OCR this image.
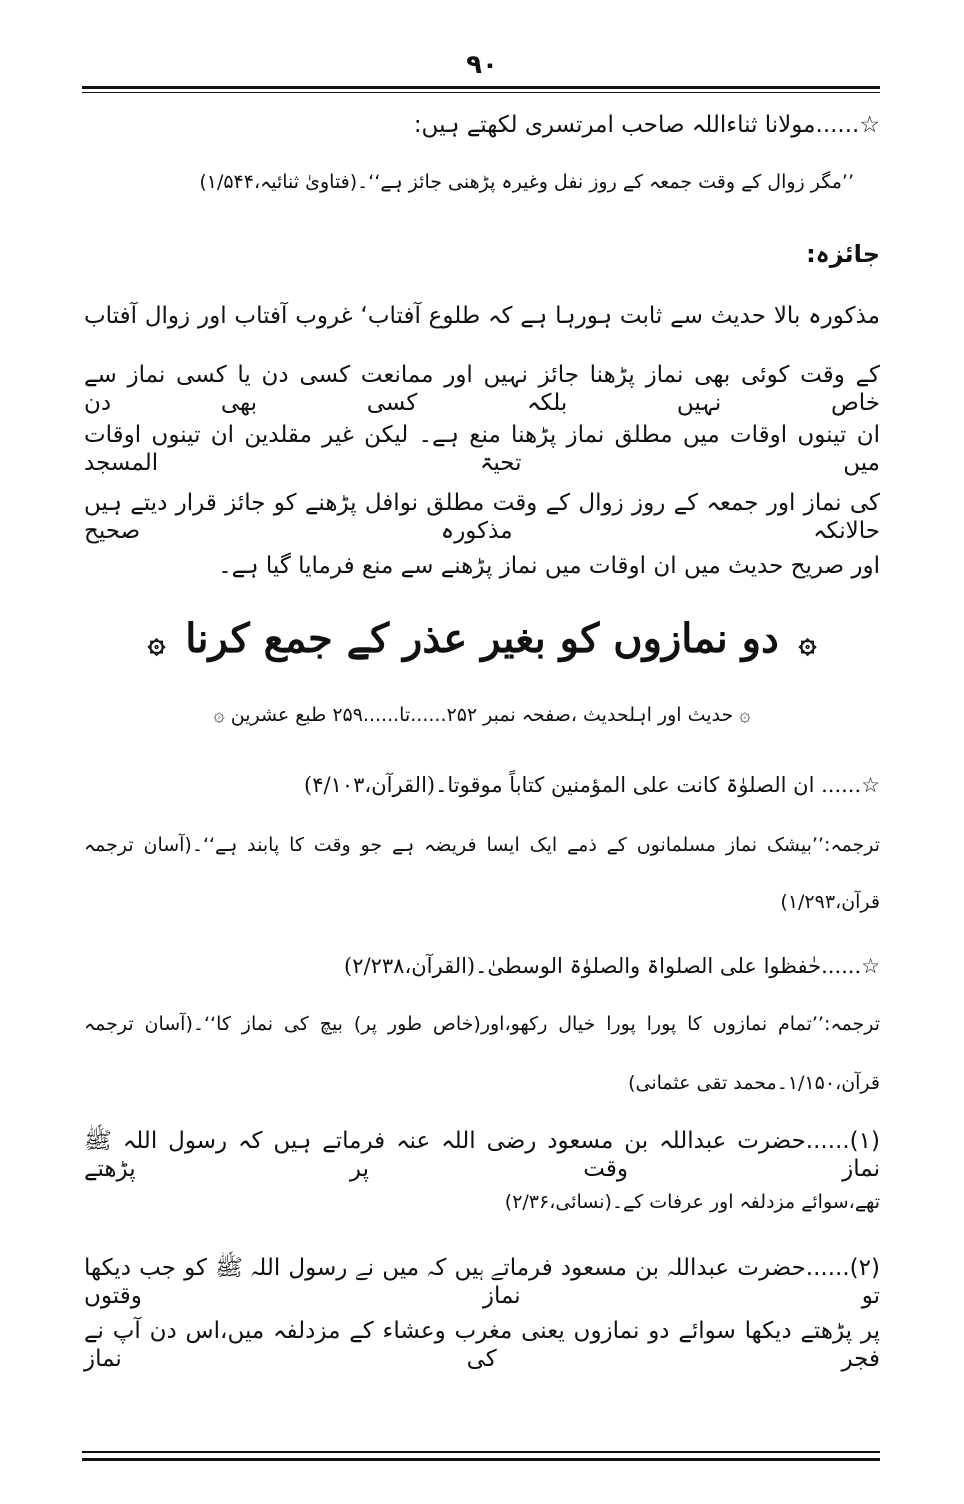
۹۰
☆......مولانا ثناءاللہ صاحب امرتسری لکھتے ہیں:
’’مگر زوال کے وقت جمعہ کے روز نفل وغیرہ پڑھنی جائز ہے‘‘۔(فتاویٰ ثنائیہ،۱/۵۴۴)
جائزہ:
مذکورہ بالا حدیث سے ثابت ہورہا ہے کہ طلوع آفتاب‘ غروب آفتاب اور زوال آفتاب
کے وقت کوئی بھی نماز پڑھنا جائز نہیں اور ممانعت کسی دن یا کسی نماز سے خاص نہیں بلکہ کسی بھی دن
ان تینوں اوقات میں مطلق نماز پڑھنا منع ہے۔ لیکن غیر مقلدین ان تینوں اوقات میں تحیۃ المسجد
کی نماز اور جمعہ کے روز زوال کے وقت مطلق نوافل پڑھنے کو جائز قرار دیتے ہیں حالانکہ مذکورہ صحیح
اور صریح حدیث میں ان اوقات میں نماز پڑھنے سے منع فرمایا گیا ہے۔
۞ دو نمازوں کو بغیر عذر کے جمع کرنا ۞
۞ حدیث اور اہلحدیث ،صفحہ نمبر ۲۵۲......تا......۲۵۹ طبع عشرین ۞
☆...... ان الصلوٰۃ کانت علی المؤمنین کتاباً موقوتا۔(القرآن،۴/۱۰۳)
ترجمہ:’’بیشک نماز مسلمانوں کے ذمے ایک ایسا فریضہ ہے جو وقت کا پابند ہے‘‘۔(آسان ترجمہ
قرآن،۱/۲۹۳)
☆......حٰفظوا علی الصلواۃ والصلوٰۃ الوسطیٰ۔(القرآن،۲/۲۳۸)
ترجمہ:’’تمام نمازوں کا پورا پورا خیال رکھو،اور(خاص طور پر) بیچ کی نماز کا‘‘۔(آسان ترجمہ
قرآن،۱/۱۵۰۔محمد تقی عثمانی)
(۱)......حضرت عبداللہ بن مسعود رضی اللہ عنہ فرماتے ہیں کہ رسول اللہ ﷺ نماز وقت پر پڑھتے
تھے،سوائے مزدلفہ اور عرفات کے۔(نسائی،۲/۳۶)
(۲)......حضرت عبداللہ بن مسعود فرماتے ہیں کہ میں نے رسول اللہ ﷺ کو جب دیکھا تو نماز وقتوں
پر پڑھتے دیکھا سوائے دو نمازوں یعنی مغرب وعشاء کے مزدلفہ میں،اس دن آپ نے فجر کی نماز
